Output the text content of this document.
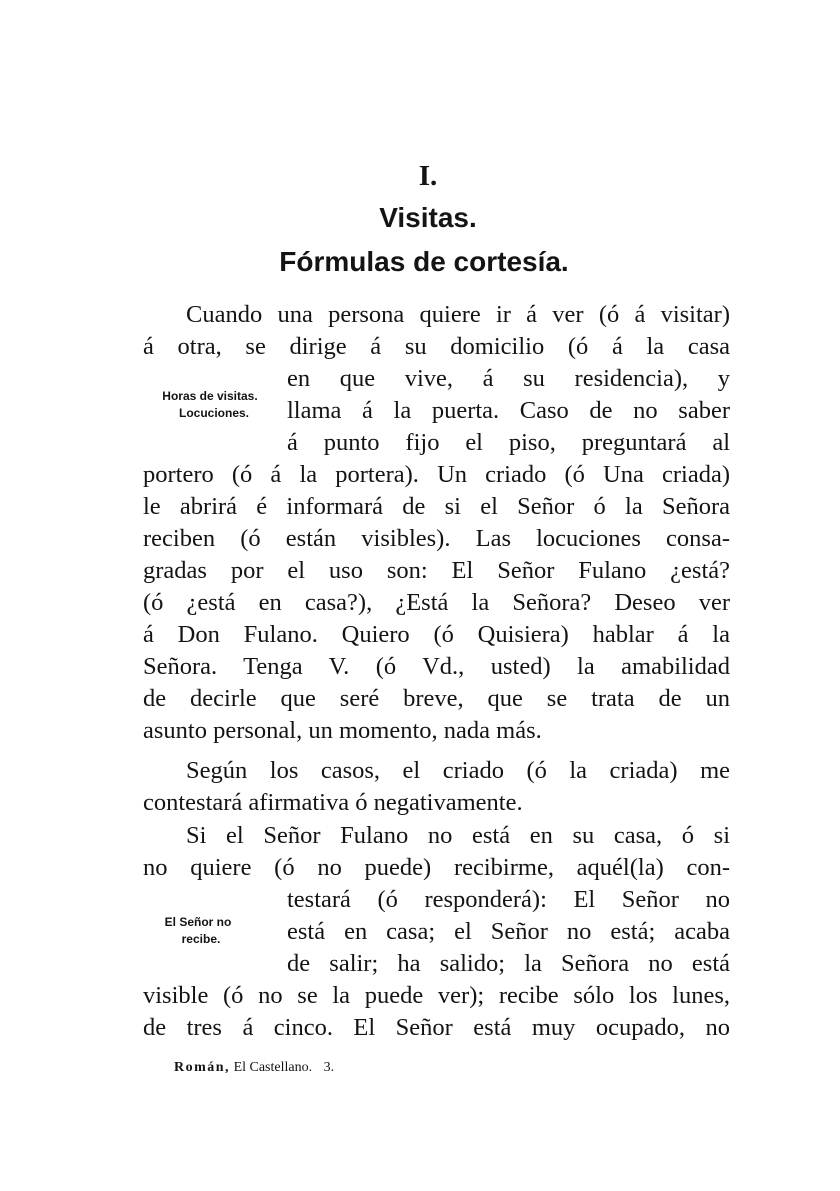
I.
Visitas.
Fórmulas de cortesía.
Horas de visitas.
Locuciones.
El Señor no
recibe.
Cuando una persona quiere ir á ver (ó á visitar)
á otra, se dirige á su domicilio (ó á la casa
en que vive, á su residencia), y
llama á la puerta. Caso de no saber
á punto fijo el piso, preguntará al
portero (ó á la portera). Un criado (ó Una criada)
le abrirá é informará de si el Señor ó la Señora
reciben (ó están visibles). Las locuciones consa-
gradas por el uso son: El Señor Fulano ¿está?
(ó ¿está en casa?), ¿Está la Señora? Deseo ver
á Don Fulano. Quiero (ó Quisiera) hablar á la
Señora. Tenga V. (ó Vd., usted) la amabilidad
de decirle que seré breve, que se trata de un
asunto personal, un momento, nada más.
Según los casos, el criado (ó la criada) me
contestará afirmativa ó negativamente.
Si el Señor Fulano no está en su casa, ó si
no quiere (ó no puede) recibirme, aquél(la) con-
testará (ó responderá): El Señor no
está en casa; el Señor no está; acaba
de salir; ha salido; la Señora no está
visible (ó no se la puede ver); recibe sólo los lunes,
de tres á cinco. El Señor está muy ocupado, no
Román, El Castellano. 3.
